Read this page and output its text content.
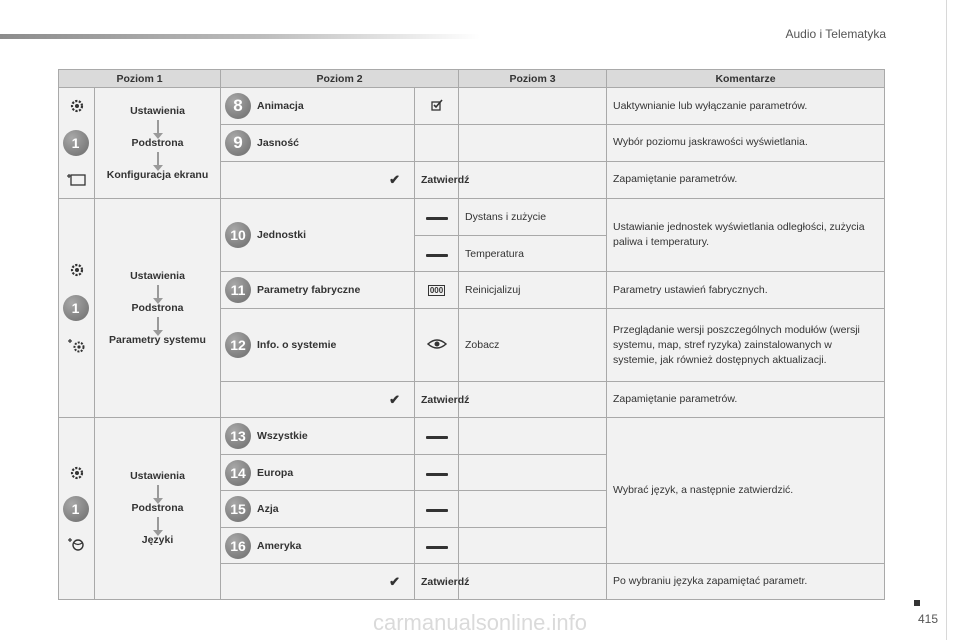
Audio i Telematyka
Poziom 1		Poziom 2		Poziom 3	Komentarze

1	Ustawienia
Podstrona
Konfiguracja ekranu	8 Animacja			Uaktywnianie lub wyłączanie parametrów.

9 Jasność			Wybór poziomu jaskrawości wyświetlania.
		✔	Zatwierdź		Zapamiętanie parametrów.

1	Ustawienia
Podstrona
Parametry systemu	10 Jednostki		Dystans i zużycie	Ustawianie jednostek wyświetlania odległości, zużycia paliwa i temperatury.
				Temperatura	

11 Parametry fabryczne	000	Reinicjalizuj	Parametry ustawień fabrycznych.

12 Info. o systemie		Zobacz	Przeglądanie wersji poszczególnych modułów (wersji systemu, map, stref ryzyka) zainstalowanych w systemie, jak również dostępnych aktualizacji.
		✔	Zatwierdź		Zapamiętanie parametrów.

1	Ustawienia
Podstrona
Języki	13 Wszystkie			Wybrać język, a następnie zatwierdzić.

14 Europa			

15 Azja			

16 Ameryka			

		✔	Zatwierdź		Po wybraniu języka zapamiętać parametr.
415
carmanualsonline.info
